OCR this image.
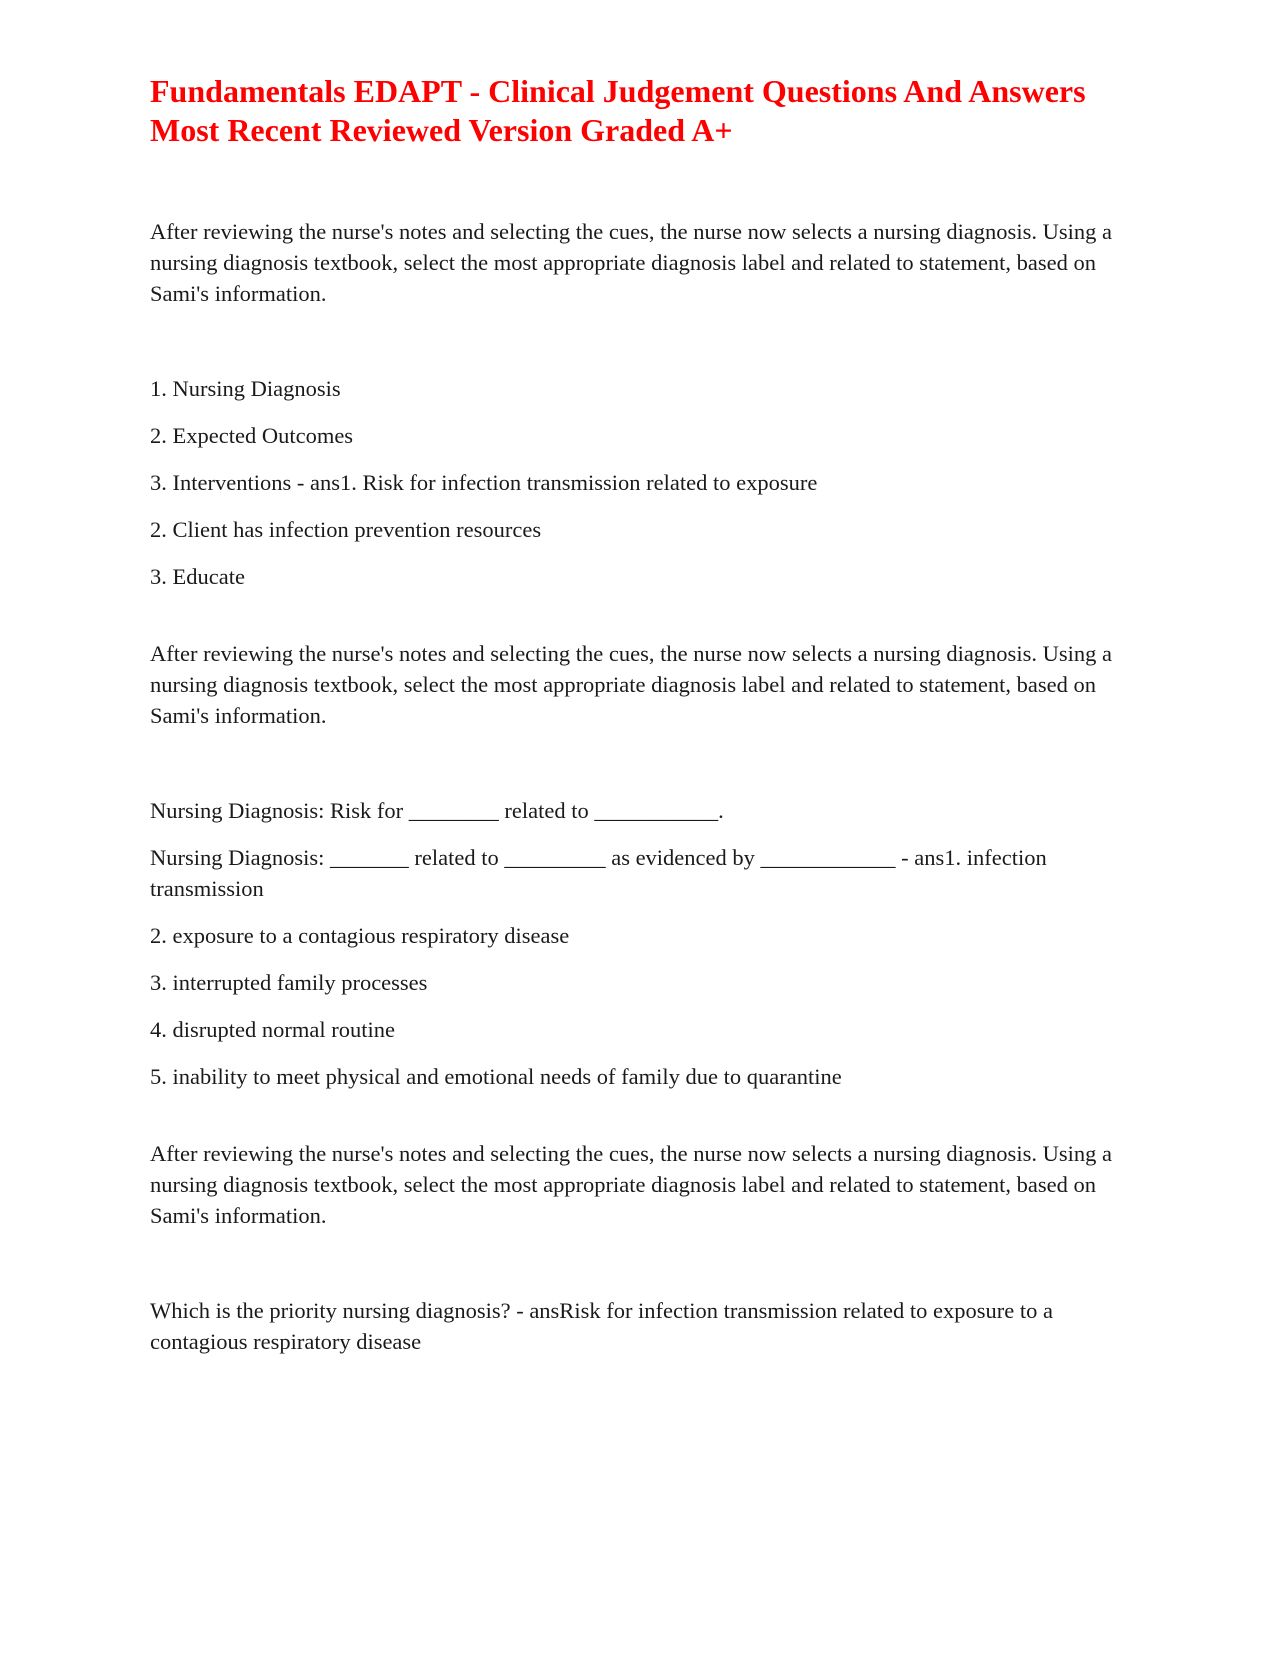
Fundamentals EDAPT - Clinical Judgement Questions And Answers
Most Recent Reviewed Version Graded A+

After reviewing the nurse's notes and selecting the cues, the nurse now selects a nursing diagnosis. Using a nursing diagnosis textbook, select the most appropriate diagnosis label and related to statement, based on Sami's information.

1. Nursing Diagnosis

2. Expected Outcomes

3. Interventions - ans1. Risk for infection transmission related to exposure

2. Client has infection prevention resources

3. Educate

After reviewing the nurse's notes and selecting the cues, the nurse now selects a nursing diagnosis. Using a nursing diagnosis textbook, select the most appropriate diagnosis label and related to statement, based on Sami's information.

Nursing Diagnosis: Risk for ________ related to ___________.

Nursing Diagnosis: _______ related to _________ as evidenced by ____________ - ans1. infection transmission

2. exposure to a contagious respiratory disease

3. interrupted family processes

4. disrupted normal routine

5. inability to meet physical and emotional needs of family due to quarantine

After reviewing the nurse's notes and selecting the cues, the nurse now selects a nursing diagnosis. Using a nursing diagnosis textbook, select the most appropriate diagnosis label and related to statement, based on Sami's information.

Which is the priority nursing diagnosis? - ansRisk for infection transmission related to exposure to a contagious respiratory disease
